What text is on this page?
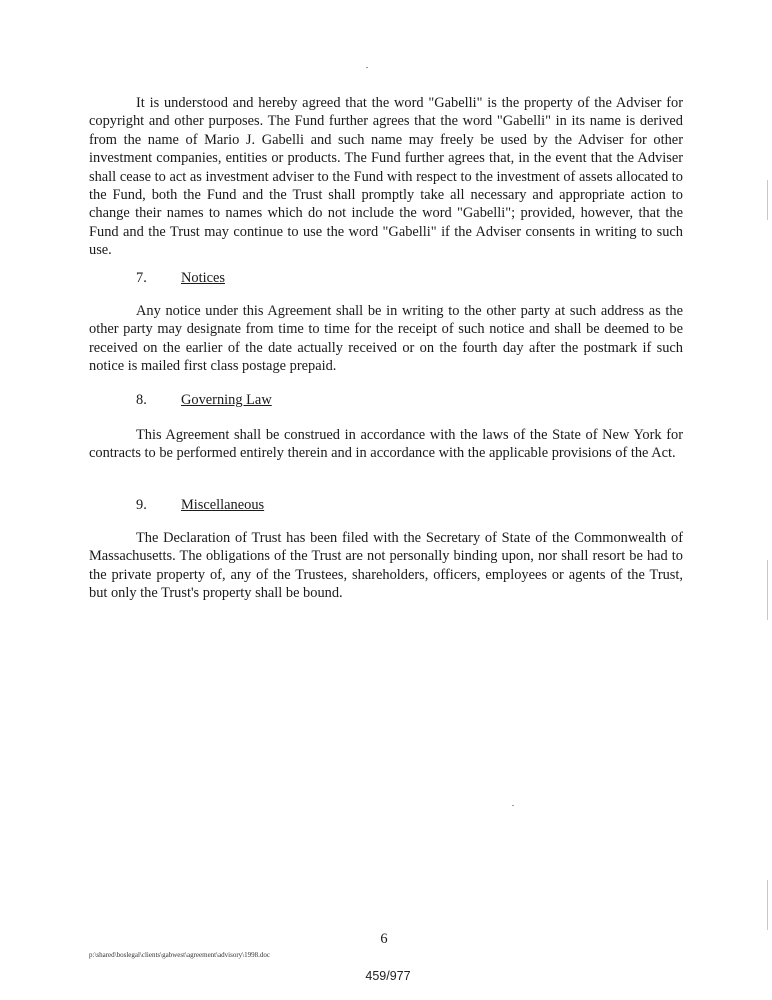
It is understood and hereby agreed that the word "Gabelli" is the property of the Adviser for copyright and other purposes. The Fund further agrees that the word "Gabelli" in its name is derived from the name of Mario J. Gabelli and such name may freely be used by the Adviser for other investment companies, entities or products. The Fund further agrees that, in the event that the Adviser shall cease to act as investment adviser to the Fund with respect to the investment of assets allocated to the Fund, both the Fund and the Trust shall promptly take all necessary and appropriate action to change their names to names which do not include the word "Gabelli"; provided, however, that the Fund and the Trust may continue to use the word "Gabelli" if the Adviser consents in writing to such use.

7. Notices

Any notice under this Agreement shall be in writing to the other party at such address as the other party may designate from time to time for the receipt of such notice and shall be deemed to be received on the earlier of the date actually received or on the fourth day after the postmark if such notice is mailed first class postage prepaid.

8. Governing Law

This Agreement shall be construed in accordance with the laws of the State of New York for contracts to be performed entirely therein and in accordance with the applicable provisions of the Act.

9. Miscellaneous

The Declaration of Trust has been filed with the Secretary of State of the Commonwealth of Massachusetts. The obligations of the Trust are not personally binding upon, nor shall resort be had to the private property of, any of the Trustees, shareholders, officers, employees or agents of the Trust, but only the Trust's property shall be bound.

6
p:\shared\boslegal\clients\gabwest\agreement\advisory\1998.doc
459/977
